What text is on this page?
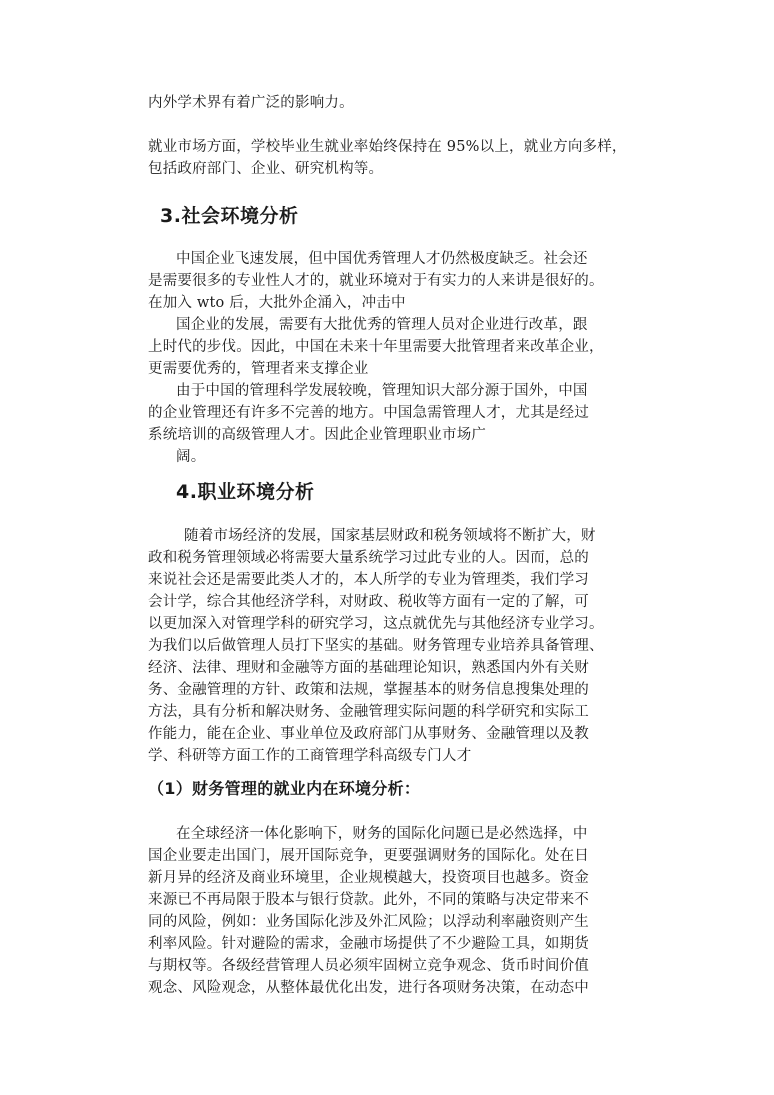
内外学术界有着广泛的影响力。
就业市场方面，学校毕业生就业率始终保持在 95%以上，就业方向多样，
包括政府部门、企业、研究机构等。
3.社会环境分析
中国企业飞速发展，但中国优秀管理人才仍然极度缺乏。社会还
是需要很多的专业性人才的，就业环境对于有实力的人来讲是很好的。
在加入 wto 后，大批外企涌入，冲击中
国企业的发展，需要有大批优秀的管理人员对企业进行改革，跟
上时代的步伐。因此，中国在未来十年里需要大批管理者来改革企业，
更需要优秀的，管理者来支撑企业
由于中国的管理科学发展较晚，管理知识大部分源于国外，中国
的企业管理还有许多不完善的地方。中国急需管理人才，尤其是经过
系统培训的高级管理人才。因此企业管理职业市场广
阔。
4.职业环境分析
随着市场经济的发展，国家基层财政和税务领域将不断扩大，财
政和税务管理领域必将需要大量系统学习过此专业的人。因而，总的
来说社会还是需要此类人才的，本人所学的专业为管理类，我们学习
会计学，综合其他经济学科，对财政、税收等方面有一定的了解，可
以更加深入对管理学科的研究学习，这点就优先与其他经济专业学习。
为我们以后做管理人员打下坚实的基础。财务管理专业培养具备管理、
经济、法律、理财和金融等方面的基础理论知识，熟悉国内外有关财
务、金融管理的方针、政策和法规，掌握基本的财务信息搜集处理的
方法，具有分析和解决财务、金融管理实际问题的科学研究和实际工
作能力，能在企业、事业单位及政府部门从事财务、金融管理以及教
学、科研等方面工作的工商管理学科高级专门人才
（1）财务管理的就业内在环境分析：
在全球经济一体化影响下，财务的国际化问题已是必然选择，中
国企业要走出国门，展开国际竞争，更要强调财务的国际化。处在日
新月异的经济及商业环境里，企业规模越大，投资项目也越多。资金
来源已不再局限于股本与银行贷款。此外，不同的策略与决定带来不
同的风险，例如：业务国际化涉及外汇风险；以浮动利率融资则产生
利率风险。针对避险的需求，金融市场提供了不少避险工具，如期货
与期权等。各级经营管理人员必须牢固树立竞争观念、货币时间价值
观念、风险观念，从整体最优化出发，进行各项财务决策，在动态中
